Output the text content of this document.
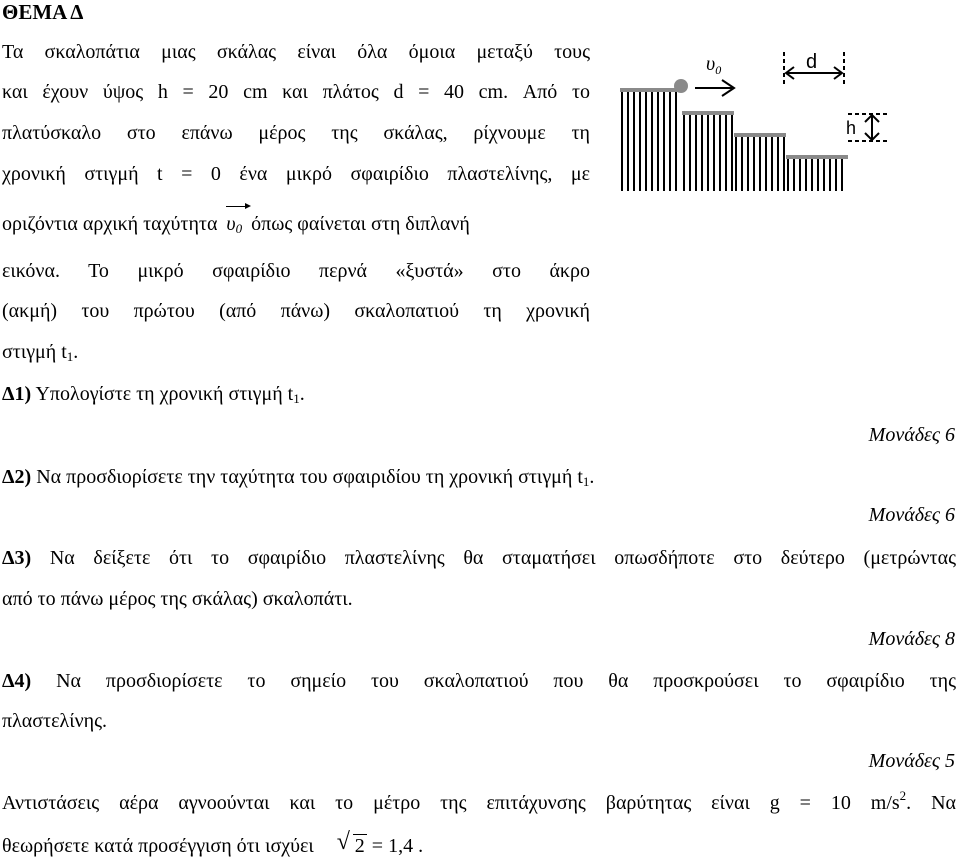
ΘΕΜΑ Δ
Τα σκαλοπάτια μιας σκάλας είναι όλα όμοια μεταξύ τους
και έχουν ύψος h = 20 cm και πλάτος d = 40 cm. Από το
πλατύσκαλο στο επάνω μέρος της σκάλας, ρίχνουμε τη
χρονική στιγμή t = 0 ένα μικρό σφαιρίδιο πλαστελίνης, με
οριζόντια αρχική ταχύτητα $\upsilon_0$ όπως φαίνεται στη διπλανή
εικόνα. Το μικρό σφαιρίδιο περνά «ξυστά» στο άκρο
(ακμή) του πρώτου (από πάνω) σκαλοπατιού τη χρονική
στιγμή $t_1$.
Δ1) Υπολογίστε τη χρονική στιγμή $t_1$.
Μονάδες 6
Δ2) Να προσδιορίσετε την ταχύτητα του σφαιριδίου τη χρονική στιγμή $t_1$.
Μονάδες 6
Δ3) Να δείξετε ότι το σφαιρίδιο πλαστελίνης θα σταματήσει οπωσδήποτε στο δεύτερο (μετρώντας
από το πάνω μέρος της σκάλας) σκαλοπάτι.
Μονάδες 8
Δ4) Να προσδιορίσετε το σημείο του σκαλοπατιού που θα προσκρούσει το σφαιρίδιο της
πλαστελίνης.
Μονάδες 5
Αντιστάσεις αέρα αγνοούνται και το μέτρο της επιτάχυνσης βαρύτητας είναι g = 10 $m/s^2$. Να
θεωρήσετε κατά προσέγγιση ότι ισχύει √ 2 = 1,4 .
$\upsilon_0$	d
h
